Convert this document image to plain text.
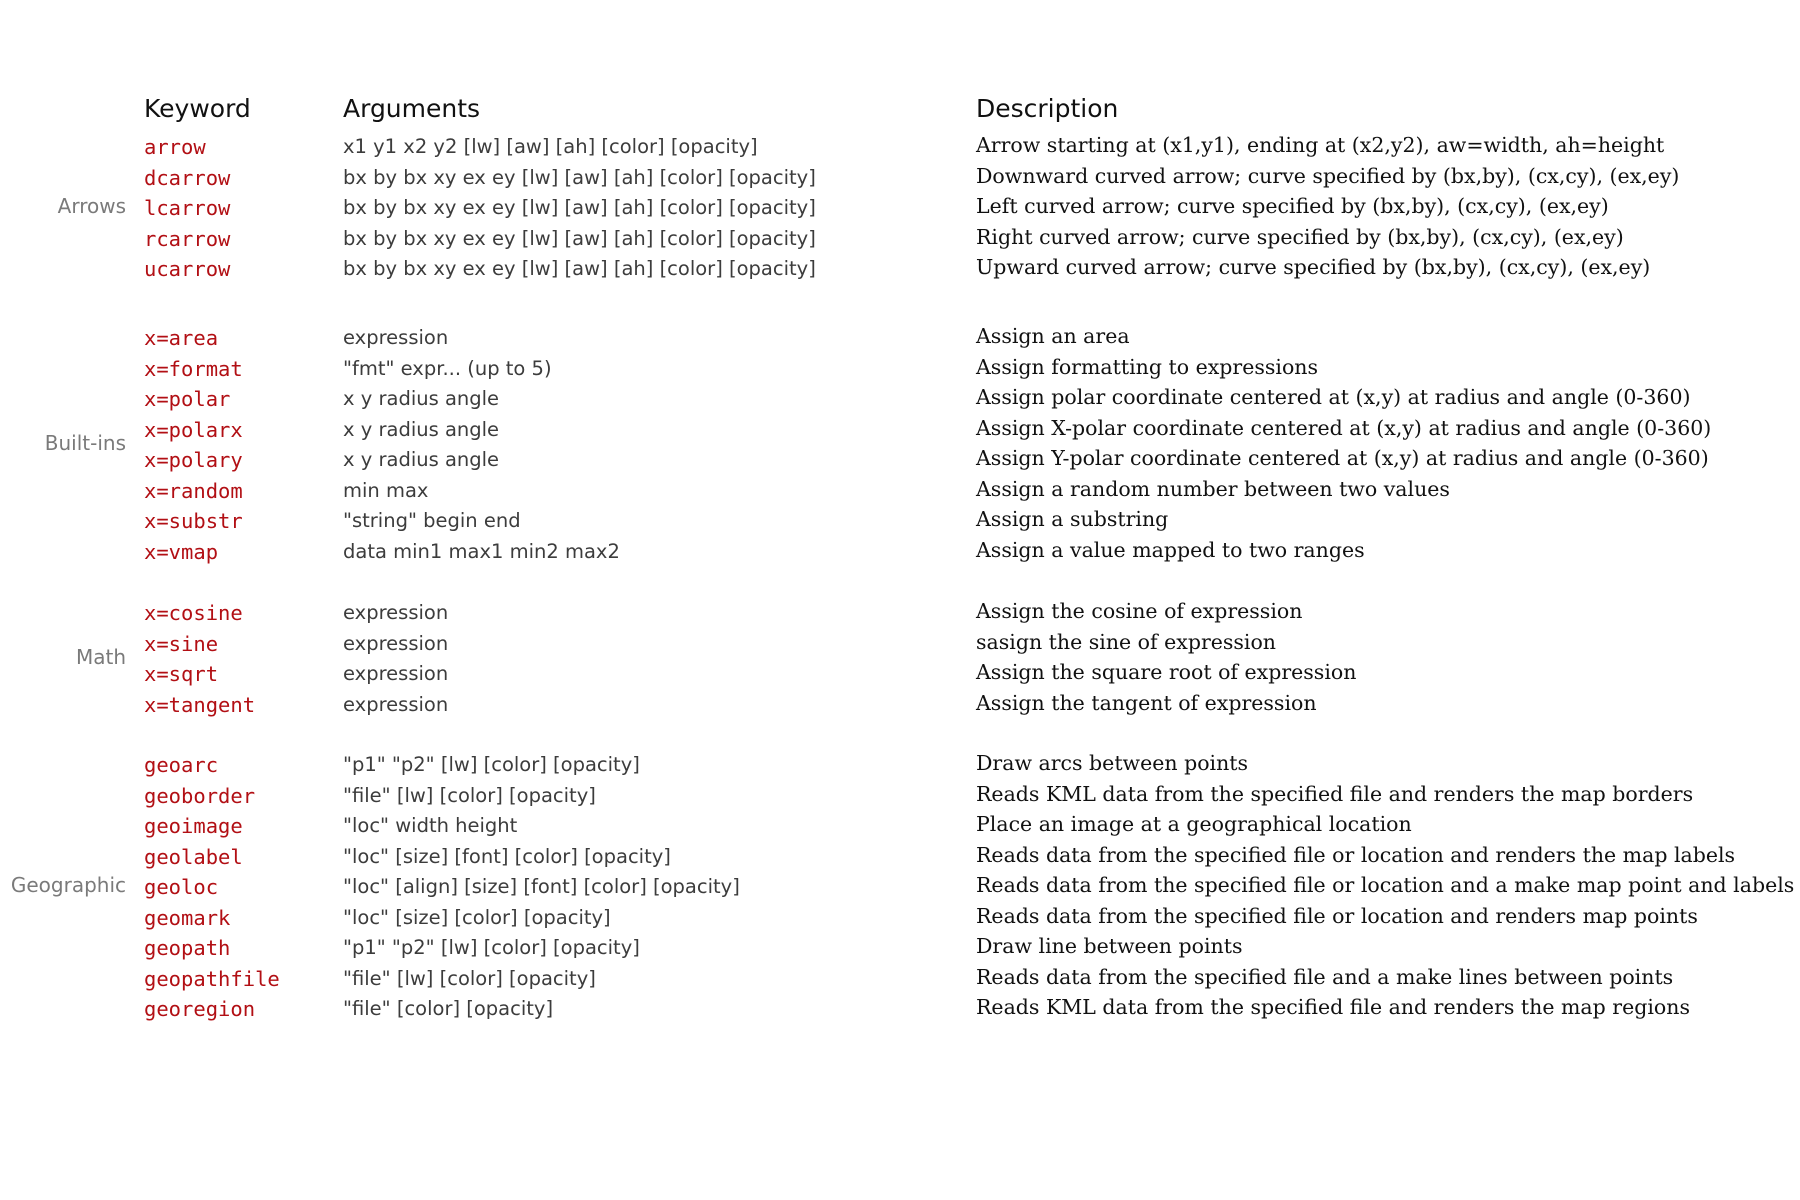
Keyword	Arguments	Description
Arrows
arrow	x1 y1 x2 y2 [lw] [aw] [ah] [color] [opacity]	Arrow starting at (x1,y1), ending at (x2,y2), aw=width, ah=height
dcarrow	bx by bx xy ex ey [lw] [aw] [ah] [color] [opacity]	Downward curved arrow; curve specified by (bx,by), (cx,cy), (ex,ey)
lcarrow	bx by bx xy ex ey [lw] [aw] [ah] [color] [opacity]	Left curved arrow; curve specified by (bx,by), (cx,cy), (ex,ey)
rcarrow	bx by bx xy ex ey [lw] [aw] [ah] [color] [opacity]	Right curved arrow; curve specified by (bx,by), (cx,cy), (ex,ey)
ucarrow	bx by bx xy ex ey [lw] [aw] [ah] [color] [opacity]	Upward curved arrow; curve specified by (bx,by), (cx,cy), (ex,ey)
Built-ins
x=area	expression	Assign an area
x=format	"fmt" expr... (up to 5)	Assign formatting to expressions
x=polar	x y radius angle	Assign polar coordinate centered at (x,y) at radius and angle (0-360)
x=polarx	x y radius angle	Assign X-polar coordinate centered at (x,y) at radius and angle (0-360)
x=polary	x y radius angle	Assign Y-polar coordinate centered at (x,y) at radius and angle (0-360)
x=random	min max	Assign a random number between two values
x=substr	"string" begin end	Assign a substring
x=vmap	data min1 max1 min2 max2	Assign a value mapped to two ranges
Math
x=cosine	expression	Assign the cosine of expression
x=sine	expression	sasign the sine of expression
x=sqrt	expression	Assign the square root of expression
x=tangent	expression	Assign the tangent of expression
Geographic
geoarc	"p1" "p2" [lw] [color] [opacity]	Draw arcs between points
geoborder	"file" [lw] [color] [opacity]	Reads KML data from the specified file and renders the map borders
geoimage	"loc" width height	Place an image at a geographical location
geolabel	"loc" [size] [font] [color] [opacity]	Reads data from the specified file or location and renders the map labels
geoloc	"loc" [align] [size] [font] [color] [opacity]	Reads data from the specified file or location and a make map point and labels
geomark	"loc" [size] [color] [opacity]	Reads data from the specified file or location and renders map points
geopath	"p1" "p2" [lw] [color] [opacity]	Draw line between points
geopathfile	"file" [lw] [color] [opacity]	Reads data from the specified file and a make lines between points
georegion	"file" [color] [opacity]	Reads KML data from the specified file and renders the map regions
